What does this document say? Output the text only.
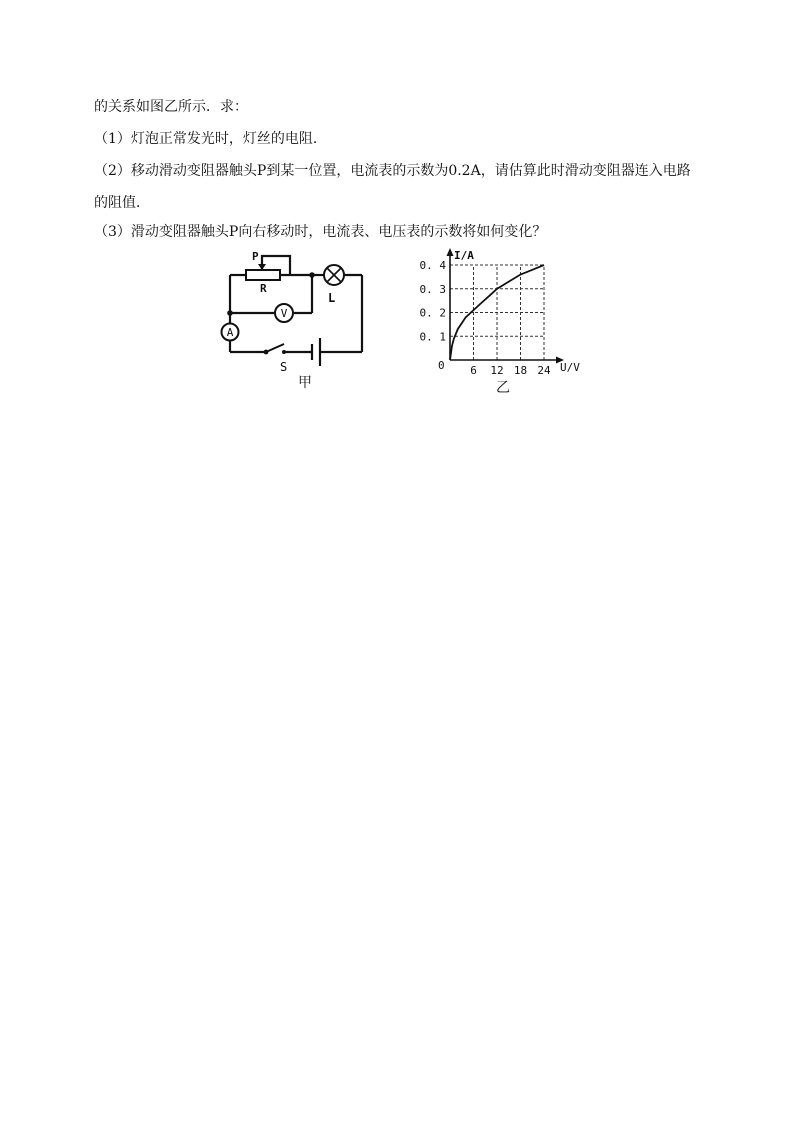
的关系如图乙所示．求：
（1）灯泡正常发光时，灯丝的电阻．
（2）移动滑动变阻器触头P到某一位置，电流表的示数为0.2A，请估算此时滑动变阻器连入电路
的阻值．
（3）滑动变阻器触头P向右移动时，电流表、电压表的示数将如何变化？
V
A
P
R
L
S
甲
6 12 18 24
0. 1
0. 2
0. 3
0. 4
I/A
U/V
0
乙
